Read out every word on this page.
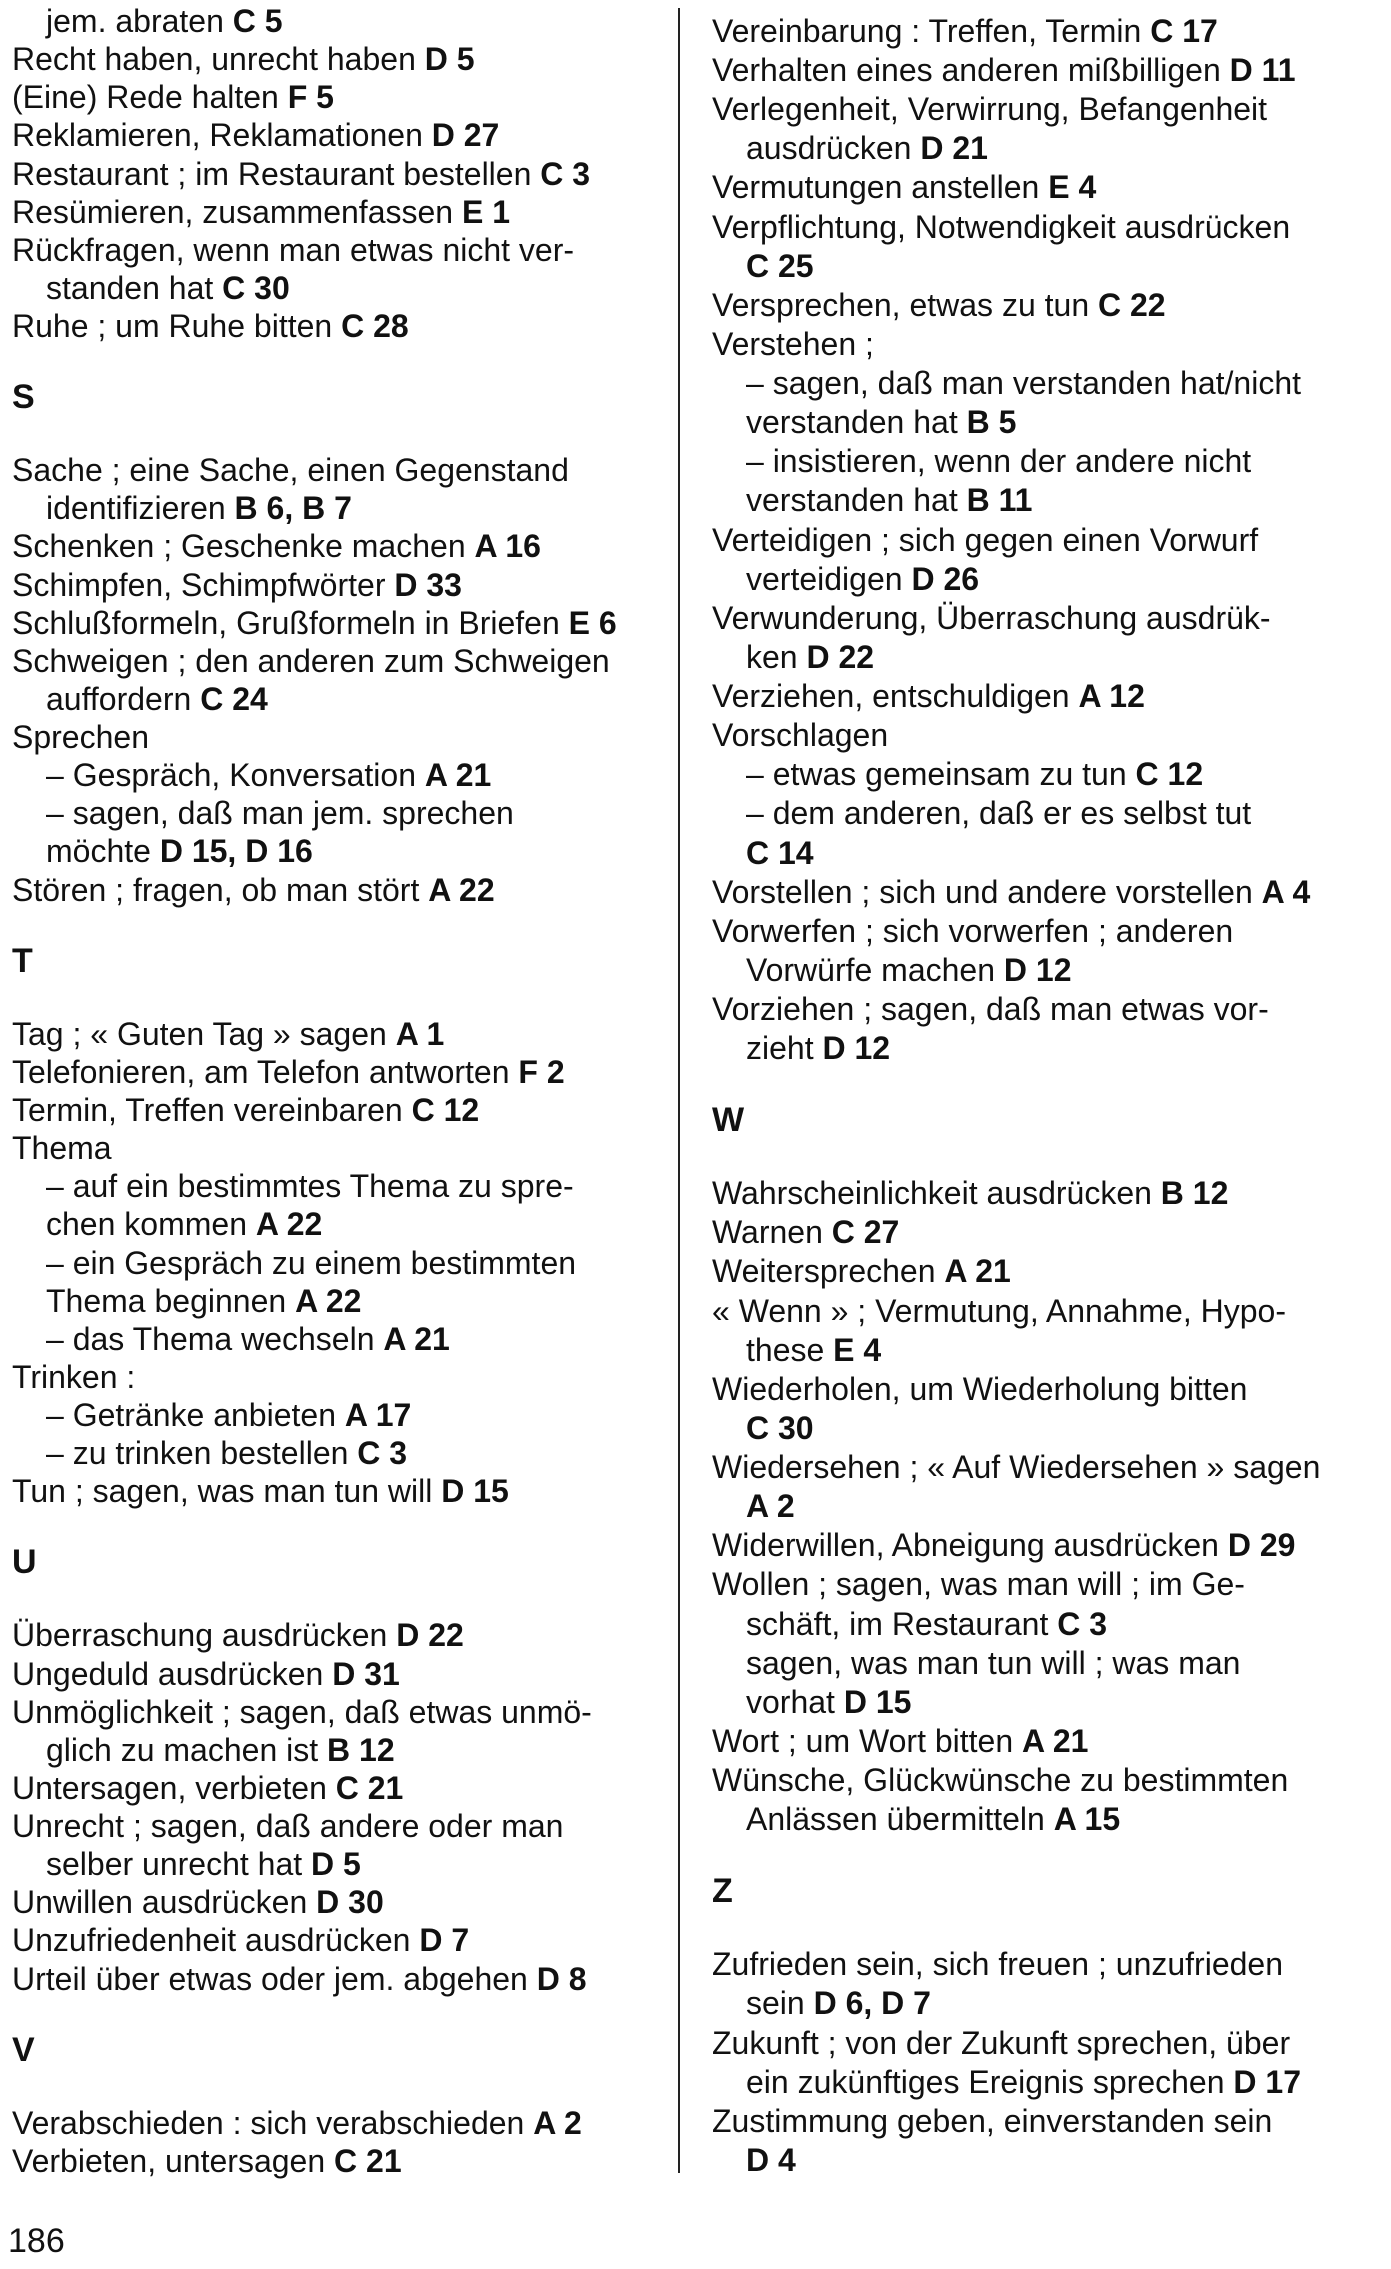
jem. abraten C 5
Recht haben, unrecht haben D 5
(Eine) Rede halten F 5
Reklamieren, Reklamationen D 27
Restaurant ; im Restaurant bestellen C 3
Resümieren, zusammenfassen E 1
Rückfragen, wenn man etwas nicht ver-
standen hat C 30
Ruhe ; um Ruhe bitten C 28
S
Sache ; eine Sache, einen Gegenstand
identifizieren B 6, B 7
Schenken ; Geschenke machen A 16
Schimpfen, Schimpfwörter D 33
Schlußformeln, Grußformeln in Briefen E 6
Schweigen ; den anderen zum Schweigen
auffordern C 24
Sprechen
– Gespräch, Konversation A 21
– sagen, daß man jem. sprechen
möchte D 15, D 16
Stören ; fragen, ob man stört A 22
T
Tag ; « Guten Tag » sagen A 1
Telefonieren, am Telefon antworten F 2
Termin, Treffen vereinbaren C 12
Thema
– auf ein bestimmtes Thema zu spre-
chen kommen A 22
– ein Gespräch zu einem bestimmten
Thema beginnen A 22
– das Thema wechseln A 21
Trinken :
– Getränke anbieten A 17
– zu trinken bestellen C 3
Tun ; sagen, was man tun will D 15
U
Überraschung ausdrücken D 22
Ungeduld ausdrücken D 31
Unmöglichkeit ; sagen, daß etwas unmö-
glich zu machen ist B 12
Untersagen, verbieten C 21
Unrecht ; sagen, daß andere oder man
selber unrecht hat D 5
Unwillen ausdrücken D 30
Unzufriedenheit ausdrücken D 7
Urteil über etwas oder jem. abgehen D 8
V
Verabschieden : sich verabschieden A 2
Verbieten, untersagen C 21
Vereinbarung : Treffen, Termin C 17
Verhalten eines anderen mißbilligen D 11
Verlegenheit, Verwirrung, Befangenheit
ausdrücken D 21
Vermutungen anstellen E 4
Verpflichtung, Notwendigkeit ausdrücken
C 25
Versprechen, etwas zu tun C 22
Verstehen ;
– sagen, daß man verstanden hat/nicht
verstanden hat B 5
– insistieren, wenn der andere nicht
verstanden hat B 11
Verteidigen ; sich gegen einen Vorwurf
verteidigen D 26
Verwunderung, Überraschung ausdrük-
ken D 22
Verziehen, entschuldigen A 12
Vorschlagen
– etwas gemeinsam zu tun C 12
– dem anderen, daß er es selbst tut
C 14
Vorstellen ; sich und andere vorstellen A 4
Vorwerfen ; sich vorwerfen ; anderen
Vorwürfe machen D 12
Vorziehen ; sagen, daß man etwas vor-
zieht D 12
W
Wahrscheinlichkeit ausdrücken B 12
Warnen C 27
Weitersprechen A 21
« Wenn » ; Vermutung, Annahme, Hypo-
these E 4
Wiederholen, um Wiederholung bitten
C 30
Wiedersehen ; « Auf Wiedersehen » sagen
A 2
Widerwillen, Abneigung ausdrücken D 29
Wollen ; sagen, was man will ; im Ge-
schäft, im Restaurant C 3
sagen, was man tun will ; was man
vorhat D 15
Wort ; um Wort bitten A 21
Wünsche, Glückwünsche zu bestimmten
Anlässen übermitteln A 15
Z
Zufrieden sein, sich freuen ; unzufrieden
sein D 6, D 7
Zukunft ; von der Zukunft sprechen, über
ein zukünftiges Ereignis sprechen D 17
Zustimmung geben, einverstanden sein
D 4
186
